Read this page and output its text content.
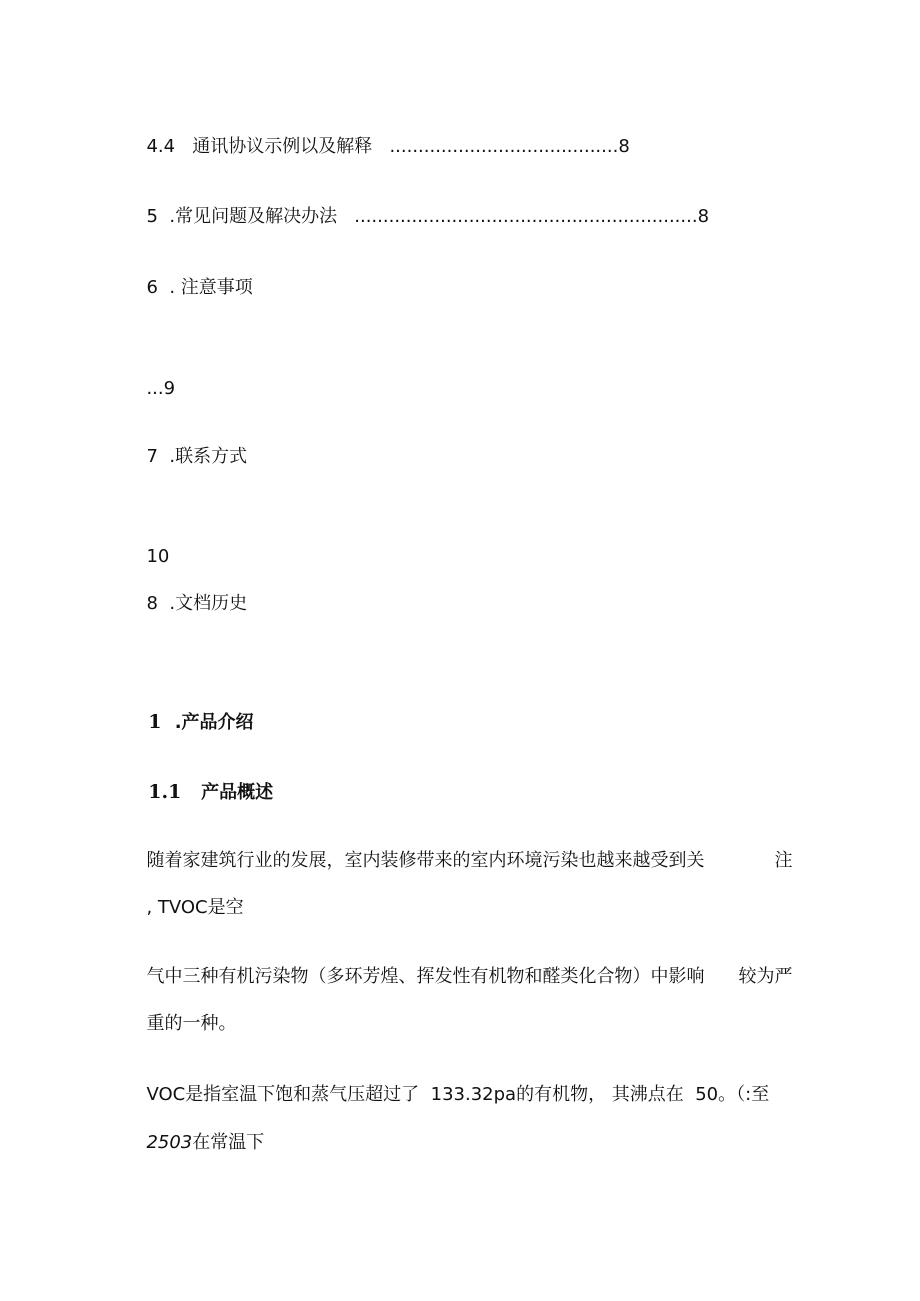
4.4 通讯协议示例以及解释 ........................................8

5 .常见问题及解决办法 ............................................................8

6 . 注意事项

...9

7 .联系方式

10

8 .文档历史

1 .产品介绍

1.1 产品概述

随着家建筑行业的发展，室内装修带来的室内环境污染也越来越受到关	注

, TVOC是空

气中三种有机污染物（多环芳煌、挥发性有机物和醛类化合物）中影响	较为严

重的一种。

VOC是指室温下饱和蒸气压超过了  133.32pa的有机物， 其沸点在  50。（:至

2503在常温下
